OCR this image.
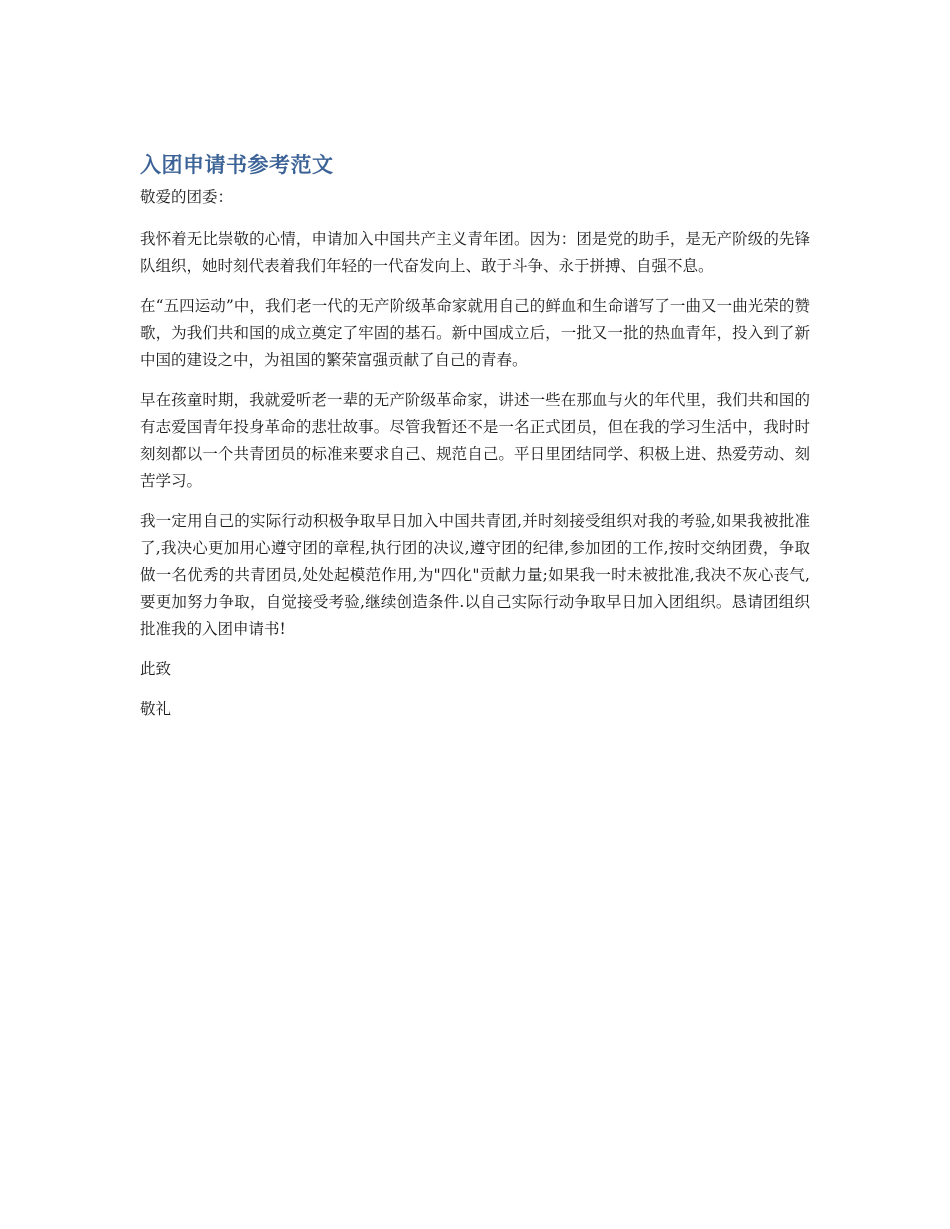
入团申请书参考范文

敬爱的团委：

我怀着无比崇敬的心情，申请加入中国共产主义青年团。因为：团是党的助手，是无产阶级的先锋队组织，她时刻代表着我们年轻的一代奋发向上、敢于斗争、永于拼搏、自强不息。

在“五四运动”中，我们老一代的无产阶级革命家就用自己的鲜血和生命谱写了一曲又一曲光荣的赞歌，为我们共和国的成立奠定了牢固的基石。新中国成立后，一批又一批的热血青年，投入到了新中国的建设之中，为祖国的繁荣富强贡献了自己的青春。

早在孩童时期，我就爱听老一辈的无产阶级革命家，讲述一些在那血与火的年代里，我们共和国的有志爱国青年投身革命的悲壮故事。尽管我暂还不是一名正式团员，但在我的学习生活中，我时时刻刻都以一个共青团员的标准来要求自己、规范自己。平日里团结同学、积极上进、热爱劳动、刻苦学习。

我一定用自己的实际行动积极争取早日加入中国共青团,并时刻接受组织对我的考验,如果我被批准了,我决心更加用心遵守团的章程,执行团的决议,遵守团的纪律,参加团的工作,按时交纳团费，争取做一名优秀的共青团员,处处起模范作用,为"四化"贡献力量;如果我一时未被批准,我决不灰心丧气,要更加努力争取，自觉接受考验,继续创造条件.以自己实际行动争取早日加入团组织。恳请团组织批准我的入团申请书!

此致

敬礼
